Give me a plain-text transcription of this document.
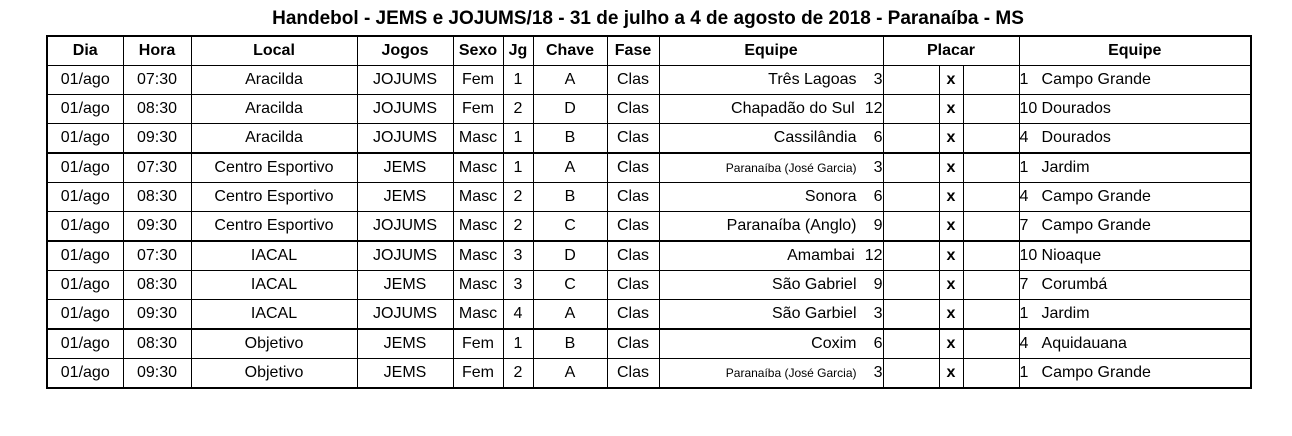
Handebol - JEMS e JOJUMS/18 - 31 de julho a 4 de agosto de 2018 - Paranaíba - MS
Dia	Hora	Local	Jogos	Sexo	Jg	Chave	Fase	Equipe	Placar			Equipe
01/ago	07:30	Aracilda	JOJUMS	Fem	1	A	Clas	Três Lagoas 3		x		1 Campo Grande
01/ago	08:30	Aracilda	JOJUMS	Fem	2	D	Clas	Chapadão do Sul 12		x		10 Dourados
01/ago	09:30	Aracilda	JOJUMS	Masc	1	B	Clas	Cassilândia 6		x		4 Dourados
01/ago	07:30	Centro Esportivo	JEMS	Masc	1	A	Clas	Paranaíba (José Garcia) 3		x		1 Jardim
01/ago	08:30	Centro Esportivo	JEMS	Masc	2	B	Clas	Sonora 6		x		4 Campo Grande
01/ago	09:30	Centro Esportivo	JOJUMS	Masc	2	C	Clas	Paranaíba (Anglo) 9		x		7 Campo Grande
01/ago	07:30	IACAL	JOJUMS	Masc	3	D	Clas	Amambai 12		x		10 Nioaque
01/ago	08:30	IACAL	JEMS	Masc	3	C	Clas	São Gabriel 9		x		7 Corumbá
01/ago	09:30	IACAL	JOJUMS	Masc	4	A	Clas	São Garbiel 3		x		1 Jardim
01/ago	08:30	Objetivo	JEMS	Fem	1	B	Clas	Coxim 6		x		4 Aquidauana
01/ago	09:30	Objetivo	JEMS	Fem	2	A	Clas	Paranaíba (José Garcia) 3		x		1 Campo Grande
